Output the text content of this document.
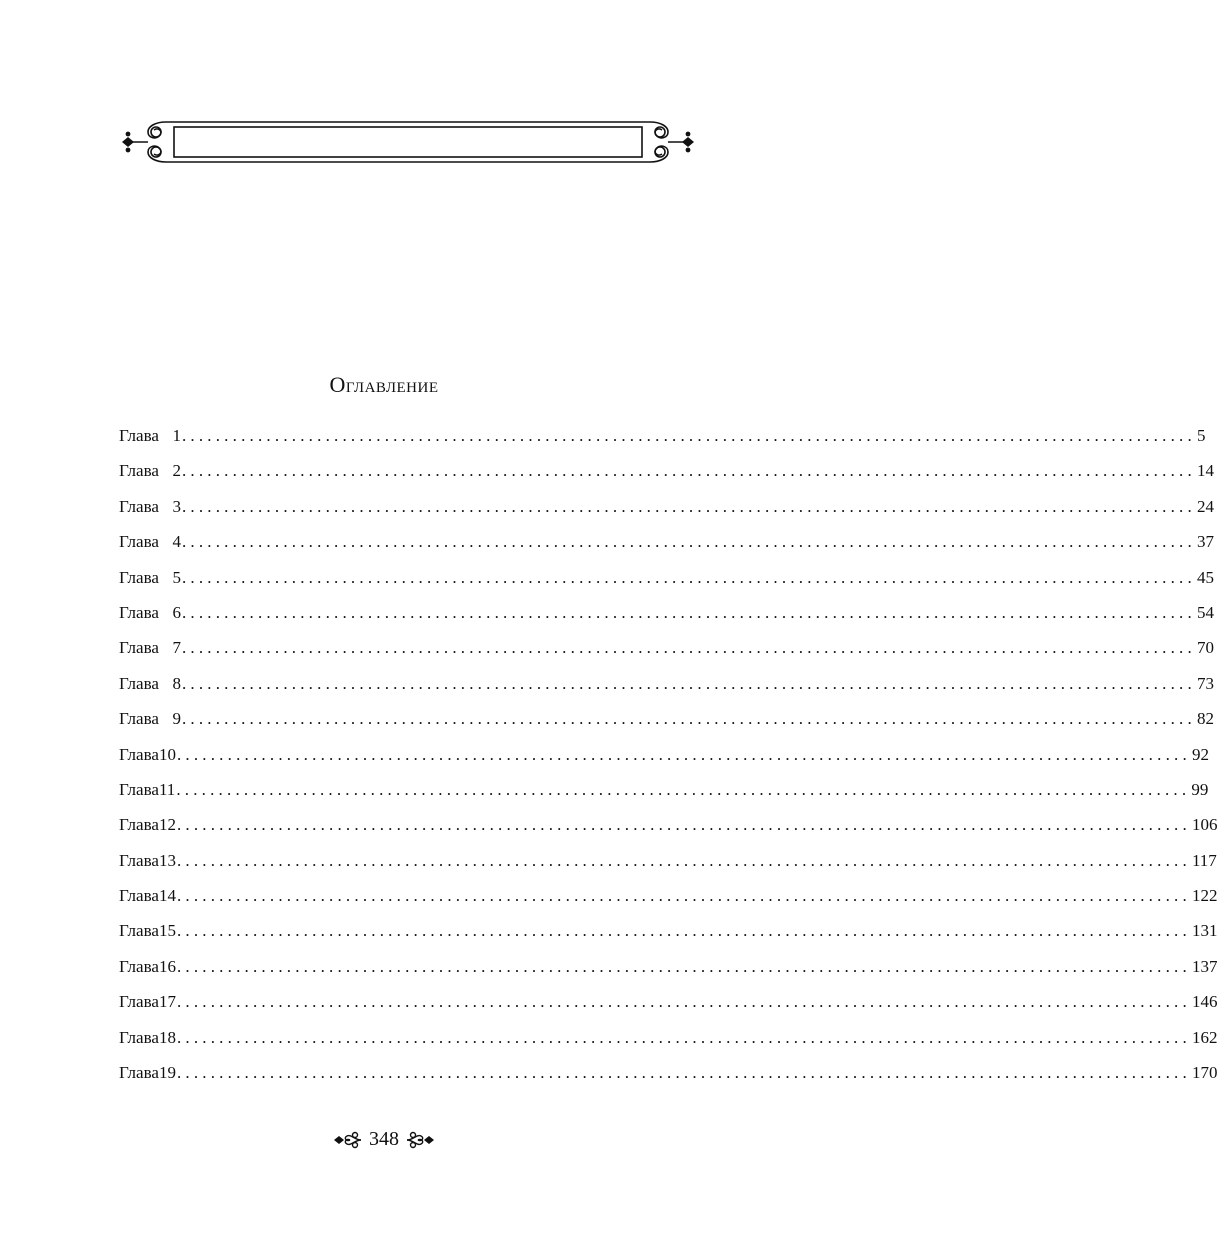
Оглавление
Глава 1 ........................................................................................................................ 5
Глава 2 ........................................................................................................................ 14
Глава 3 ........................................................................................................................ 24
Глава 4 ........................................................................................................................ 37
Глава 5 ........................................................................................................................ 45
Глава 6 ........................................................................................................................ 54
Глава 7 ........................................................................................................................ 70
Глава 8 ........................................................................................................................ 73
Глава 9 ........................................................................................................................ 82
Глава 10 ........................................................................................................................ 92
Глава 11 ........................................................................................................................ 99
Глава 12 ........................................................................................................................ 106
Глава 13 ........................................................................................................................ 117
Глава 14 ........................................................................................................................ 122
Глава 15 ........................................................................................................................ 131
Глава 16 ........................................................................................................................ 137
Глава 17 ........................................................................................................................ 146
Глава 18 ........................................................................................................................ 162
Глава 19 ........................................................................................................................ 170
348
